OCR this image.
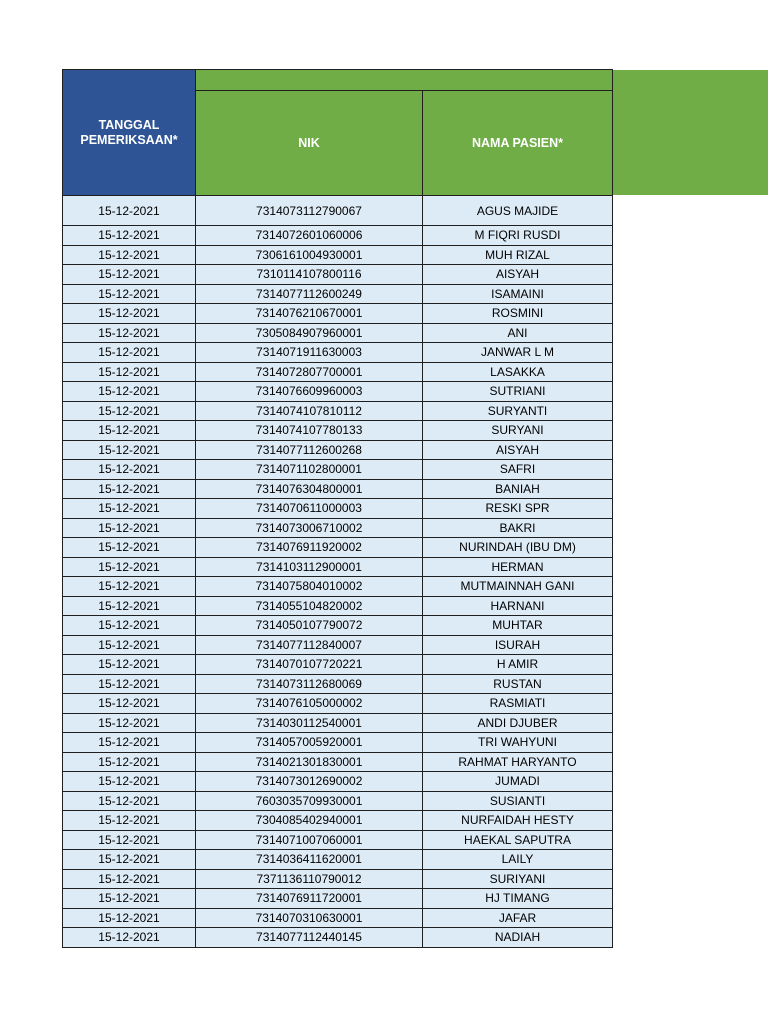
TANGGAL PEMERIKSAAN*		
	NIK	NAMA PASIEN*
15-12-2021	7314073112790067	AGUS MAJIDE
15-12-2021	7314072601060006	M FIQRI RUSDI
15-12-2021	7306161004930001	MUH RIZAL
15-12-2021	7310114107800116	AISYAH
15-12-2021	7314077112600249	ISAMAINI
15-12-2021	7314076210670001	ROSMINI
15-12-2021	7305084907960001	ANI
15-12-2021	7314071911630003	JANWAR L M
15-12-2021	7314072807700001	LASAKKA
15-12-2021	7314076609960003	SUTRIANI
15-12-2021	7314074107810112	SURYANTI
15-12-2021	7314074107780133	SURYANI
15-12-2021	7314077112600268	AISYAH
15-12-2021	7314071102800001	SAFRI
15-12-2021	7314076304800001	BANIAH
15-12-2021	7314070611000003	RESKI SPR
15-12-2021	7314073006710002	BAKRI
15-12-2021	7314076911920002	NURINDAH (IBU DM)
15-12-2021	7314103112900001	HERMAN
15-12-2021	7314075804010002	MUTMAINNAH GANI
15-12-2021	7314055104820002	HARNANI
15-12-2021	7314050107790072	MUHTAR
15-12-2021	7314077112840007	ISURAH
15-12-2021	7314070107720221	H AMIR
15-12-2021	7314073112680069	RUSTAN
15-12-2021	7314076105000002	RASMIATI
15-12-2021	7314030112540001	ANDI DJUBER
15-12-2021	7314057005920001	TRI WAHYUNI
15-12-2021	7314021301830001	RAHMAT HARYANTO
15-12-2021	7314073012690002	JUMADI
15-12-2021	7603035709930001	SUSIANTI
15-12-2021	7304085402940001	NURFAIDAH HESTY
15-12-2021	7314071007060001	HAEKAL SAPUTRA
15-12-2021	7314036411620001	LAILY
15-12-2021	7371136110790012	SURIYANI
15-12-2021	7314076911720001	HJ TIMANG
15-12-2021	7314070310630001	JAFAR
15-12-2021	7314077112440145	NADIAH
